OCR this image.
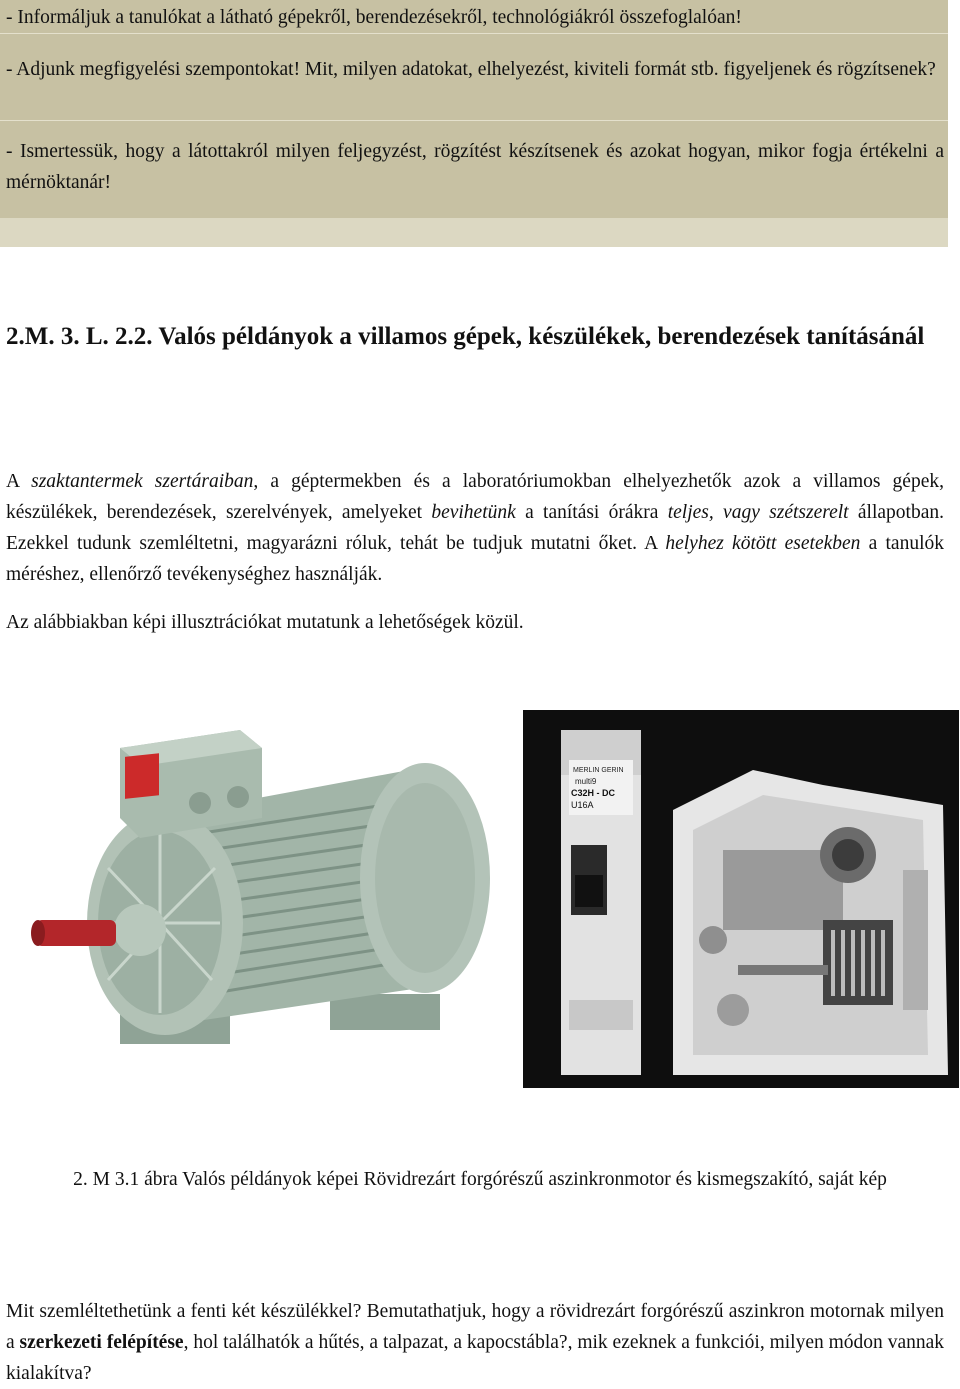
- Informáljuk a tanulókat a látható gépekről, berendezésekről, technológiákról összefoglalóan!

- Adjunk megfigyelési szempontokat! Mit, milyen adatokat, elhelyezést, kiviteli formát stb. figyeljenek és rögzítsenek?

- Ismertessük, hogy a látottakról milyen feljegyzést, rögzítést készítsenek és azokat hogyan, mikor fogja értékelni a mérnöktanár!

2.M. 3. L. 2.2. Valós példányok a villamos gépek, készülékek, berendezések tanításánál

A szaktantermek szertáraiban, a géptermekben és a laboratóriumokban elhelyezhetők azok a villamos gépek, készülékek, berendezések, szerelvények, amelyeket bevihetünk a tanítási órákra teljes, vagy szétszerelt állapotban. Ezekkel tudunk szemléltetni, magyarázni róluk, tehát be tudjuk mutatni őket. A helyhez kötött esetekben a tanulók méréshez, ellenőrző tevékenységhez használják.

Az alábbiakban képi illusztrációkat mutatunk a lehetőségek közül.

MERLIN GERIN
multi9
C32H - DC
U16A

2. M 3.1 ábra Valós példányok képei Rövidrezárt forgórészű aszinkronmotor és kismegszakító, saját kép

Mit szemléltethetünk a fenti két készülékkel? Bemutathatjuk, hogy a rövidrezárt forgórészű aszinkron motornak milyen a szerkezeti felépítése, hol találhatók a hűtés, a talpazat, a kapocstábla?, mik ezeknek a funkciói, milyen módon vannak kialakítva?
